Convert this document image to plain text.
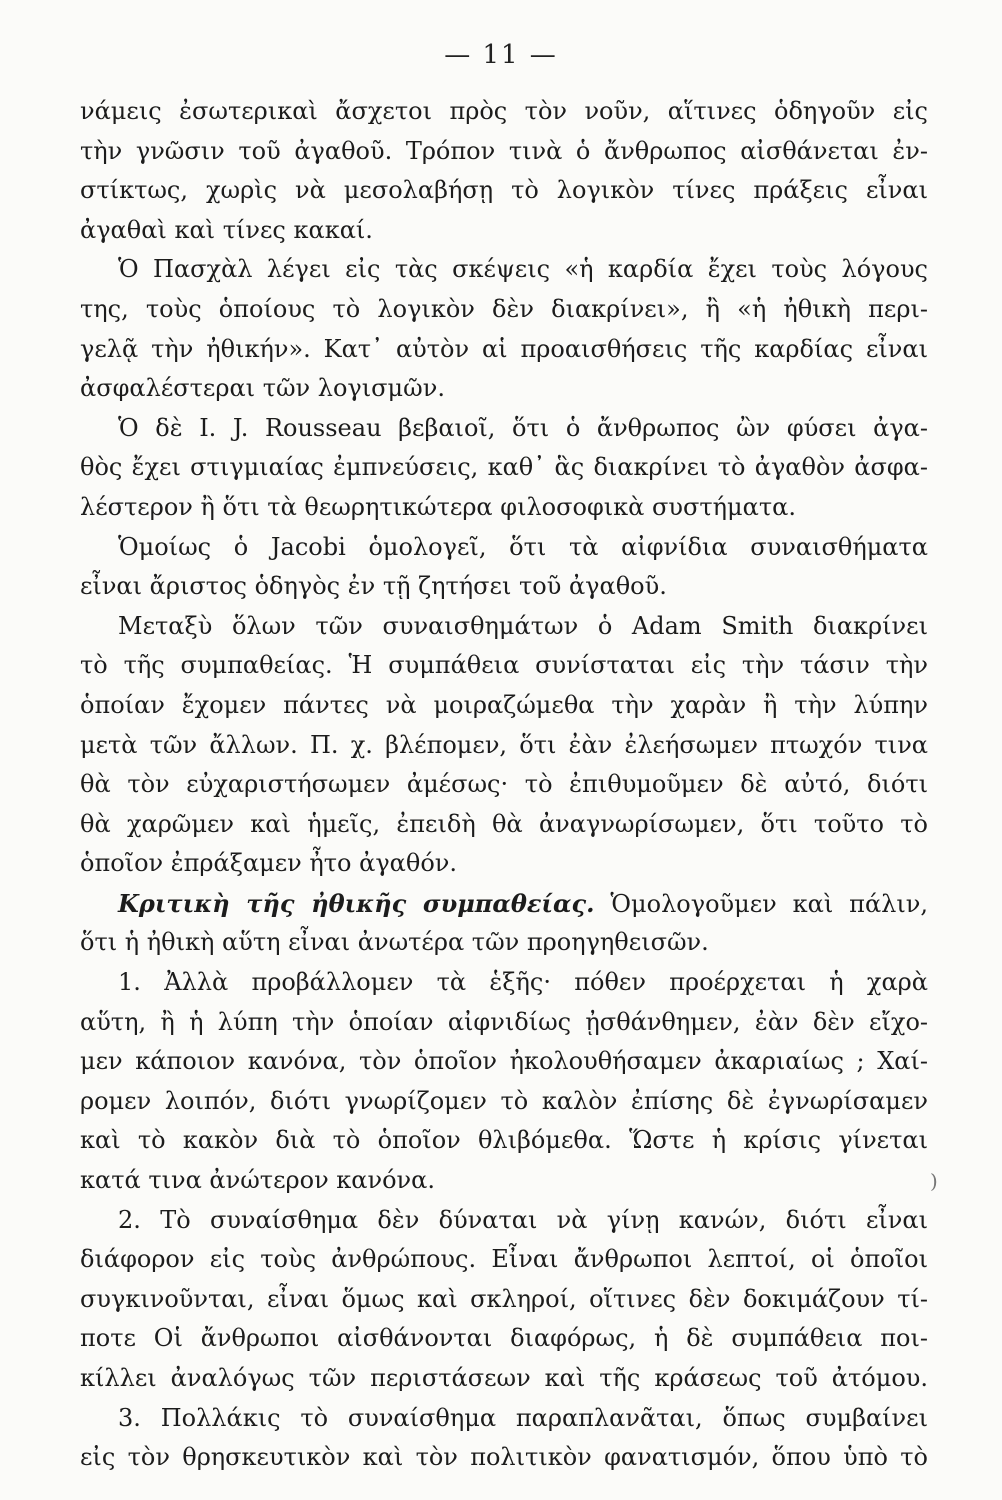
— 11 —
νάμεις ἐσωτερικαὶ ἄσχετοι πρὸς τὸν νοῦν, αἵτινες ὁδηγοῦν εἰς
τὴν γνῶσιν τοῦ ἀγαθοῦ. Τρόπον τινὰ ὁ ἄνθρωπος αἰσθάνεται ἐν-
στίκτως, χωρὶς νὰ μεσολαβήσῃ τὸ λογικὸν τίνες πράξεις εἶναι
ἀγαθαὶ καὶ τίνες κακαί.
Ὁ Πασχὰλ λέγει εἰς τὰς σκέψεις «ἡ καρδία ἔχει τοὺς λόγους
της, τοὺς ὁποίους τὸ λογικὸν δὲν διακρίνει», ἢ «ἡ ἠθικὴ περι-
γελᾷ τὴν ἠθικήν». Κατ᾽ αὐτὸν αἱ προαισθήσεις τῆς καρδίας εἶναι
ἀσφαλέστεραι τῶν λογισμῶν.
Ὁ δὲ Ι. J. Rousseau βεβαιοῖ, ὅτι ὁ ἄνθρωπος ὢν φύσει ἀγα-
θὸς ἔχει στιγμιαίας ἐμπνεύσεις, καθ᾽ ἃς διακρίνει τὸ ἀγαθὸν ἀσφα-
λέστερον ἢ ὅτι τὰ θεωρητικώτερα φιλοσοφικὰ συστήματα.
Ὁμοίως ὁ Jacobi ὁμολογεῖ, ὅτι τὰ αἰφνίδια συναισθήματα
εἶναι ἄριστος ὁδηγὸς ἐν τῇ ζητήσει τοῦ ἀγαθοῦ.
Μεταξὺ ὅλων τῶν συναισθημάτων ὁ Adam Smith διακρίνει
τὸ τῆς συμπαθείας. Ἡ συμπάθεια συνίσταται εἰς τὴν τάσιν τὴν
ὁποίαν ἔχομεν πάντες νὰ μοιραζώμεθα τὴν χαρὰν ἢ τὴν λύπην
μετὰ τῶν ἄλλων. Π. χ. βλέπομεν, ὅτι ἐὰν ἐλεήσωμεν πτωχόν τινα
θὰ τὸν εὐχαριστήσωμεν ἀμέσως· τὸ ἐπιθυμοῦμεν δὲ αὐτό, διότι
θὰ χαρῶμεν καὶ ἡμεῖς, ἐπειδὴ θὰ ἀναγνωρίσωμεν, ὅτι τοῦτο τὸ
ὁποῖον ἐπράξαμεν ἦτο ἀγαθόν.
Κριτικὴ τῆς ἠθικῆς συμπαθείας. Ὁμολογοῦμεν καὶ πάλιν,
ὅτι ἡ ἠθικὴ αὕτη εἶναι ἀνωτέρα τῶν προηγηθεισῶν.
1. Ἀλλὰ προβάλλομεν τὰ ἑξῆς· πόθεν προέρχεται ἡ χαρὰ
αὕτη, ἢ ἡ λύπη τὴν ὁποίαν αἰφνιδίως ᾐσθάνθημεν, ἐὰν δὲν εἴχο-
μεν κάποιον κανόνα, τὸν ὁποῖον ἠκολουθήσαμεν ἀκαριαίως ; Χαί-
ρομεν λοιπόν, διότι γνωρίζομεν τὸ καλὸν ἐπίσης δὲ ἐγνωρίσαμεν
καὶ τὸ κακὸν διὰ τὸ ὁποῖον θλιβόμεθα. Ὥστε ἡ κρίσις γίνεται
κατά τινα ἀνώτερον κανόνα.
2. Τὸ συναίσθημα δὲν δύναται νὰ γίνῃ κανών, διότι εἶναι
διάφορον εἰς τοὺς ἀνθρώπους. Εἶναι ἄνθρωποι λεπτοί, οἱ ὁποῖοι
συγκινοῦνται, εἶναι ὅμως καὶ σκληροί, οἵτινες δὲν δοκιμάζουν τί-
ποτε Οἱ ἄνθρωποι αἰσθάνονται διαφόρως, ἡ δὲ συμπάθεια ποι-
κίλλει ἀναλόγως τῶν περιστάσεων καὶ τῆς κράσεως τοῦ ἀτόμου.
3. Πολλάκις τὸ συναίσθημα παραπλανᾶται, ὅπως συμβαίνει
εἰς τὸν θρησκευτικὸν καὶ τὸν πολιτικὸν φανατισμόν, ὅπου ὑπὸ τὸ
)
